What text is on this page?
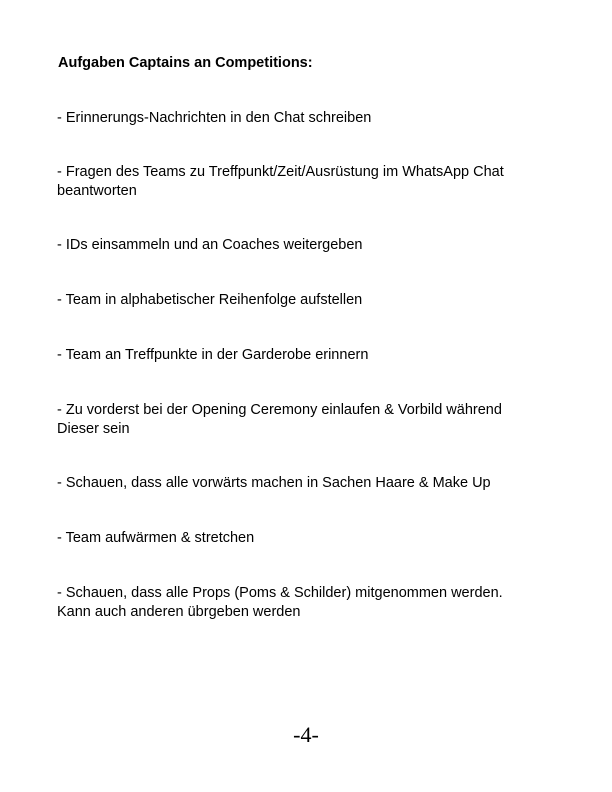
Aufgaben Captains an Competitions:
- Erinnerungs-Nachrichten in den Chat schreiben
- Fragen des Teams zu Treffpunkt/Zeit/Ausrüstung im WhatsApp Chat
beantworten
- IDs einsammeln und an Coaches weitergeben
- Team in alphabetischer Reihenfolge aufstellen
- Team an Treffpunkte in der Garderobe erinnern
- Zu vorderst bei der Opening Ceremony einlaufen & Vorbild während
Dieser sein
- Schauen, dass alle vorwärts machen in Sachen Haare & Make Up
- Team aufwärmen & stretchen
- Schauen, dass alle Props (Poms & Schilder) mitgenommen werden.
Kann auch anderen übrgeben werden
-4-
